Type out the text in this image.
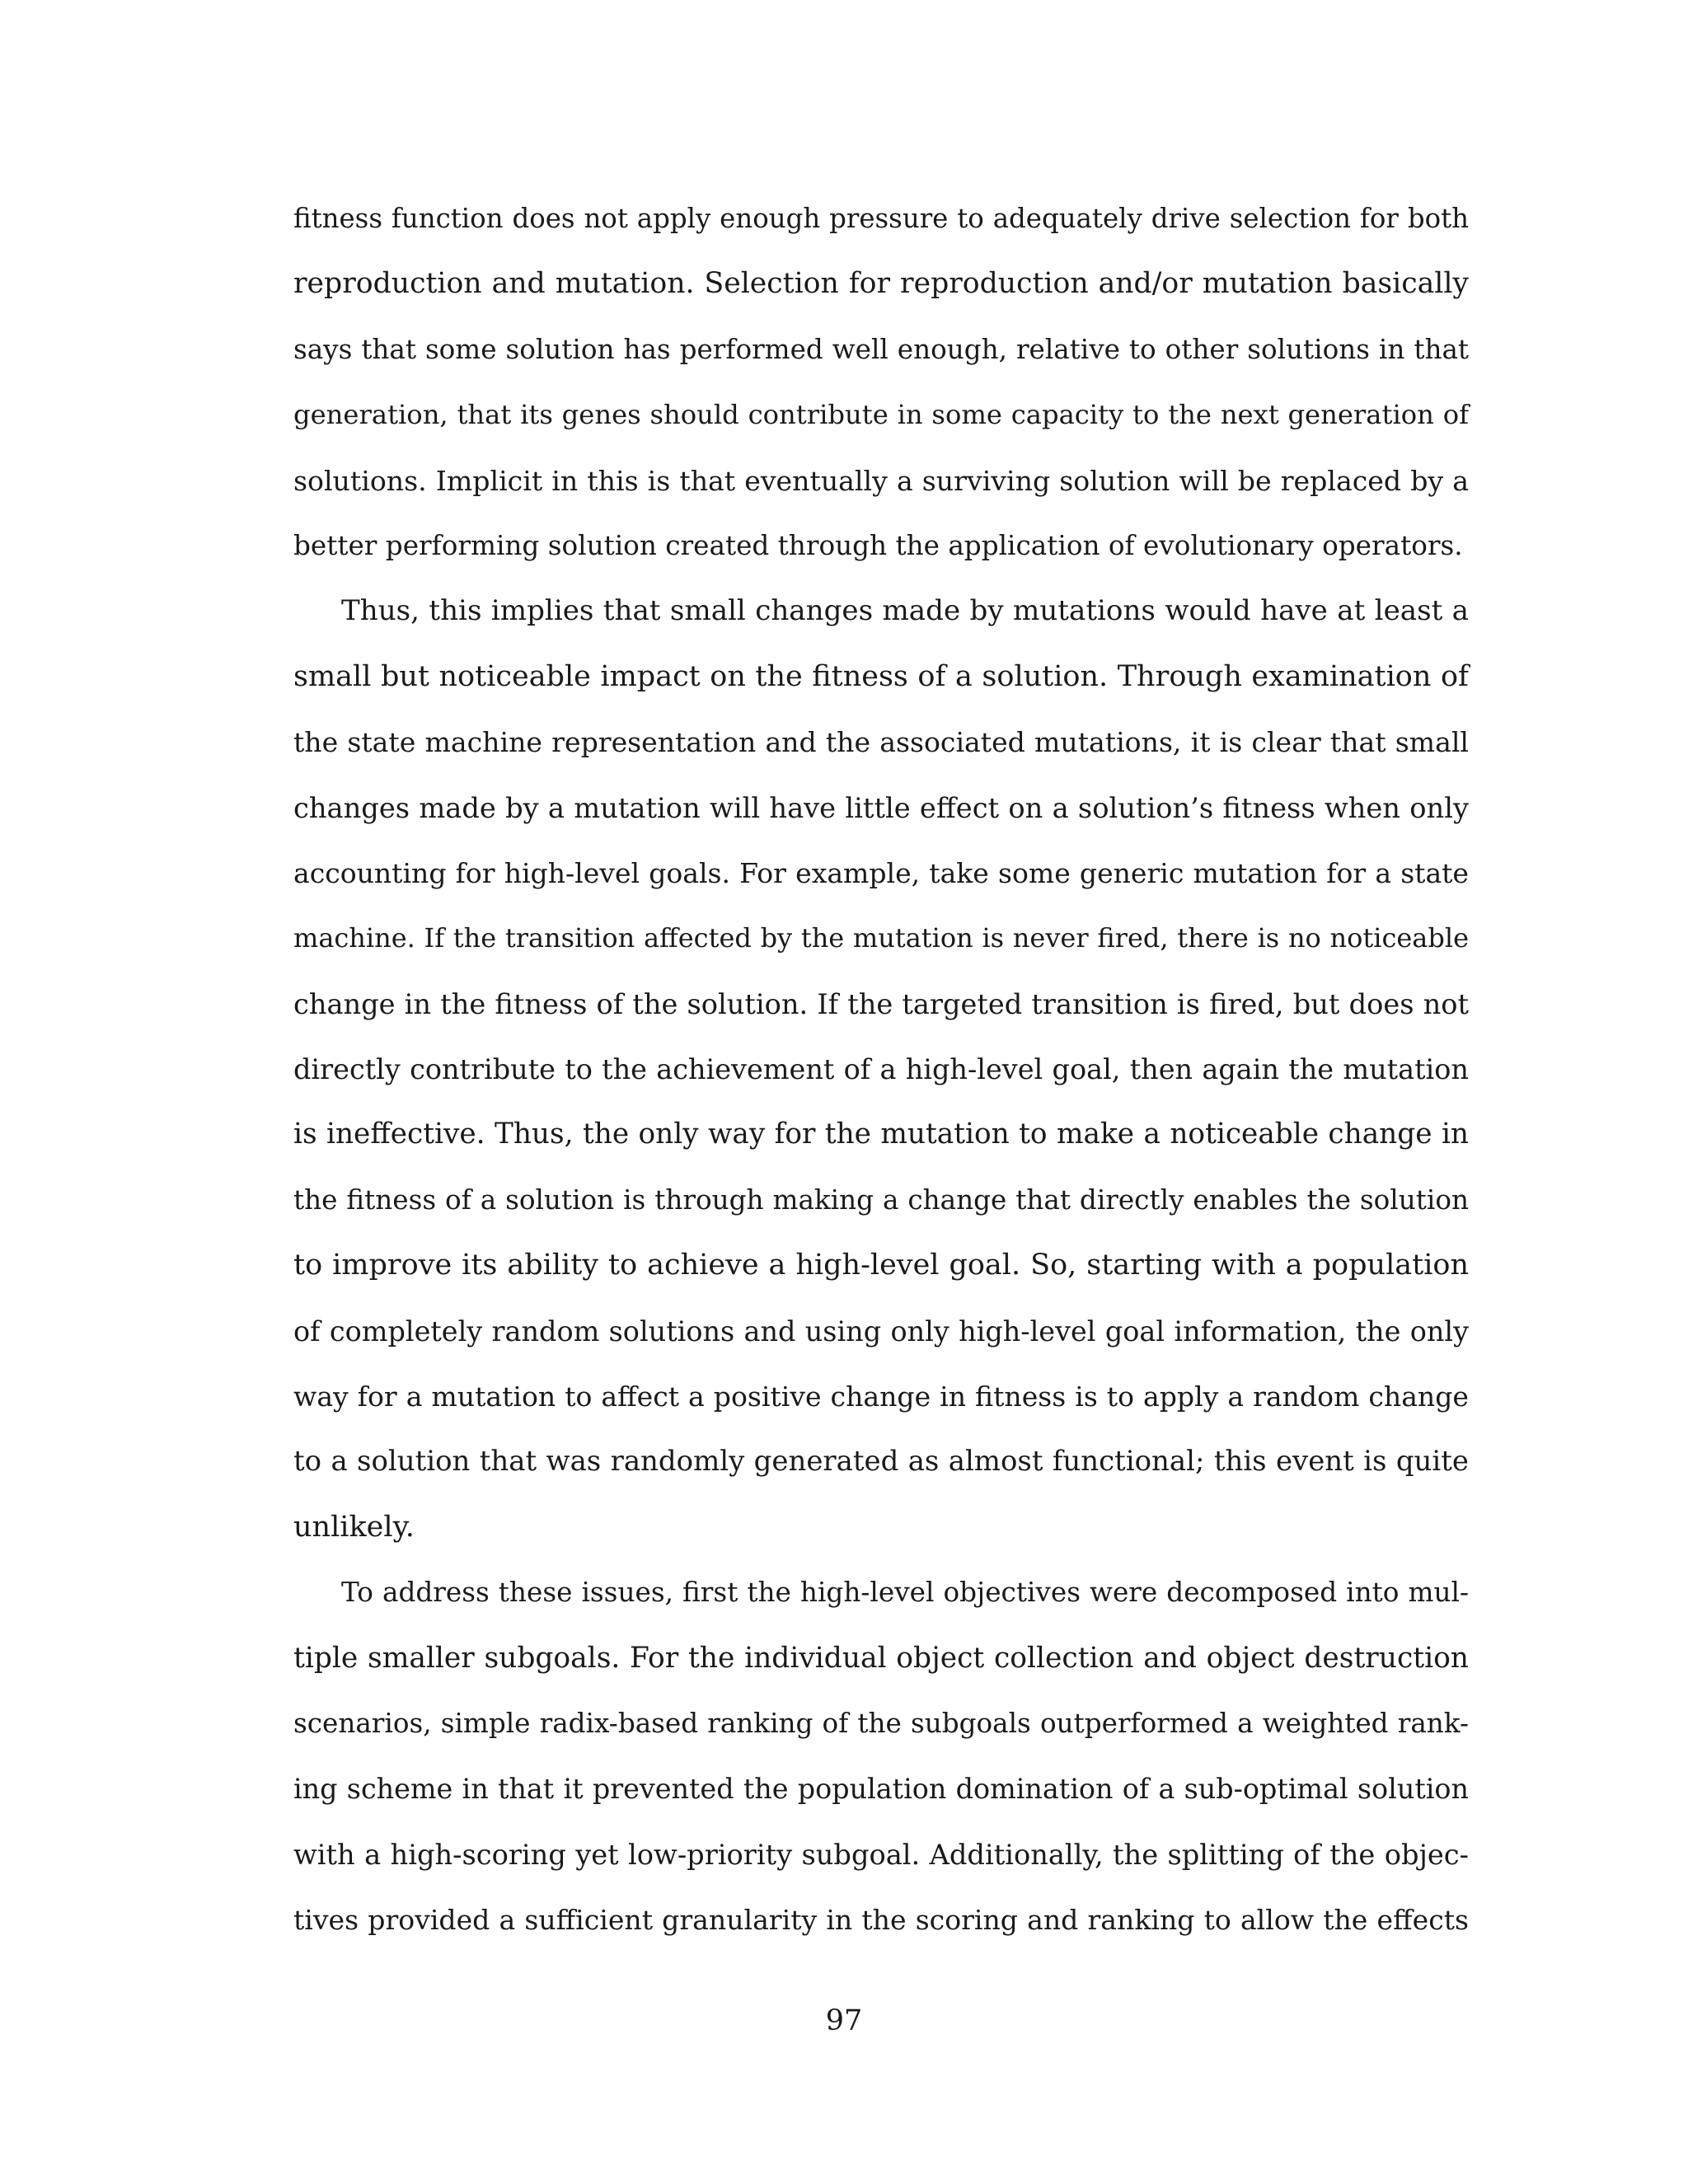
fitness function does not apply enough pressure to adequately drive selection for both
reproduction and mutation. Selection for reproduction and/or mutation basically
says that some solution has performed well enough, relative to other solutions in that
generation, that its genes should contribute in some capacity to the next generation of
solutions. Implicit in this is that eventually a surviving solution will be replaced by a
better performing solution created through the application of evolutionary operators.
Thus, this implies that small changes made by mutations would have at least a
small but noticeable impact on the fitness of a solution. Through examination of
the state machine representation and the associated mutations, it is clear that small
changes made by a mutation will have little effect on a solution’s fitness when only
accounting for high-level goals. For example, take some generic mutation for a state
machine. If the transition affected by the mutation is never fired, there is no noticeable
change in the fitness of the solution. If the targeted transition is fired, but does not
directly contribute to the achievement of a high-level goal, then again the mutation
is ineffective. Thus, the only way for the mutation to make a noticeable change in
the fitness of a solution is through making a change that directly enables the solution
to improve its ability to achieve a high-level goal. So, starting with a population
of completely random solutions and using only high-level goal information, the only
way for a mutation to affect a positive change in fitness is to apply a random change
to a solution that was randomly generated as almost functional; this event is quite
unlikely.
To address these issues, first the high-level objectives were decomposed into mul-
tiple smaller subgoals. For the individual object collection and object destruction
scenarios, simple radix-based ranking of the subgoals outperformed a weighted rank-
ing scheme in that it prevented the population domination of a sub-optimal solution
with a high-scoring yet low-priority subgoal. Additionally, the splitting of the objec-
tives provided a sufficient granularity in the scoring and ranking to allow the effects
97
